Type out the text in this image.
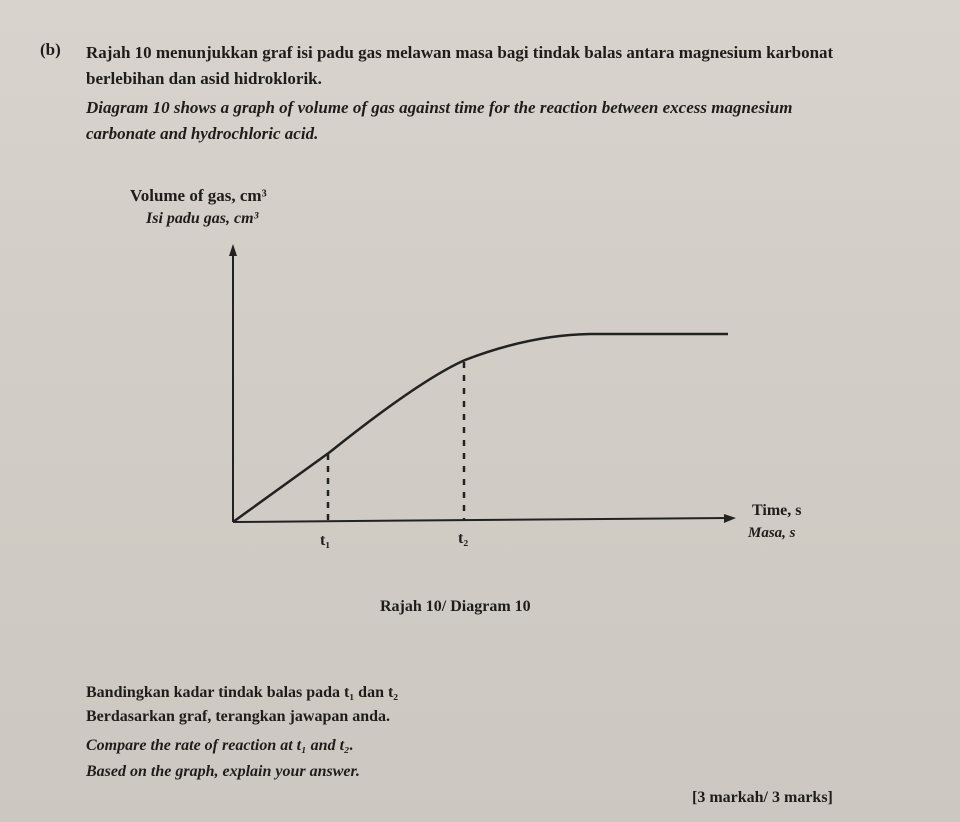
(b) Rajah 10 menunjukkan graf isi padu gas melawan masa bagi tindak balas antara magnesium karbonat berlebihan dan asid hidroklorik.
Diagram 10 shows a graph of volume of gas against time for the reaction between excess magnesium carbonate and hydrochloric acid.
Volume of gas, cm³
Isi padu gas, cm³
Time, s
Masa, s
t₁	t₂
Rajah 10/ Diagram 10
Bandingkan kadar tindak balas pada t₁ dan t₂
Berdasarkan graf, terangkan jawapan anda.
Compare the rate of reaction at t₁ and t₂.
Based on the graph, explain your answer.
[3 markah/ 3 marks]
